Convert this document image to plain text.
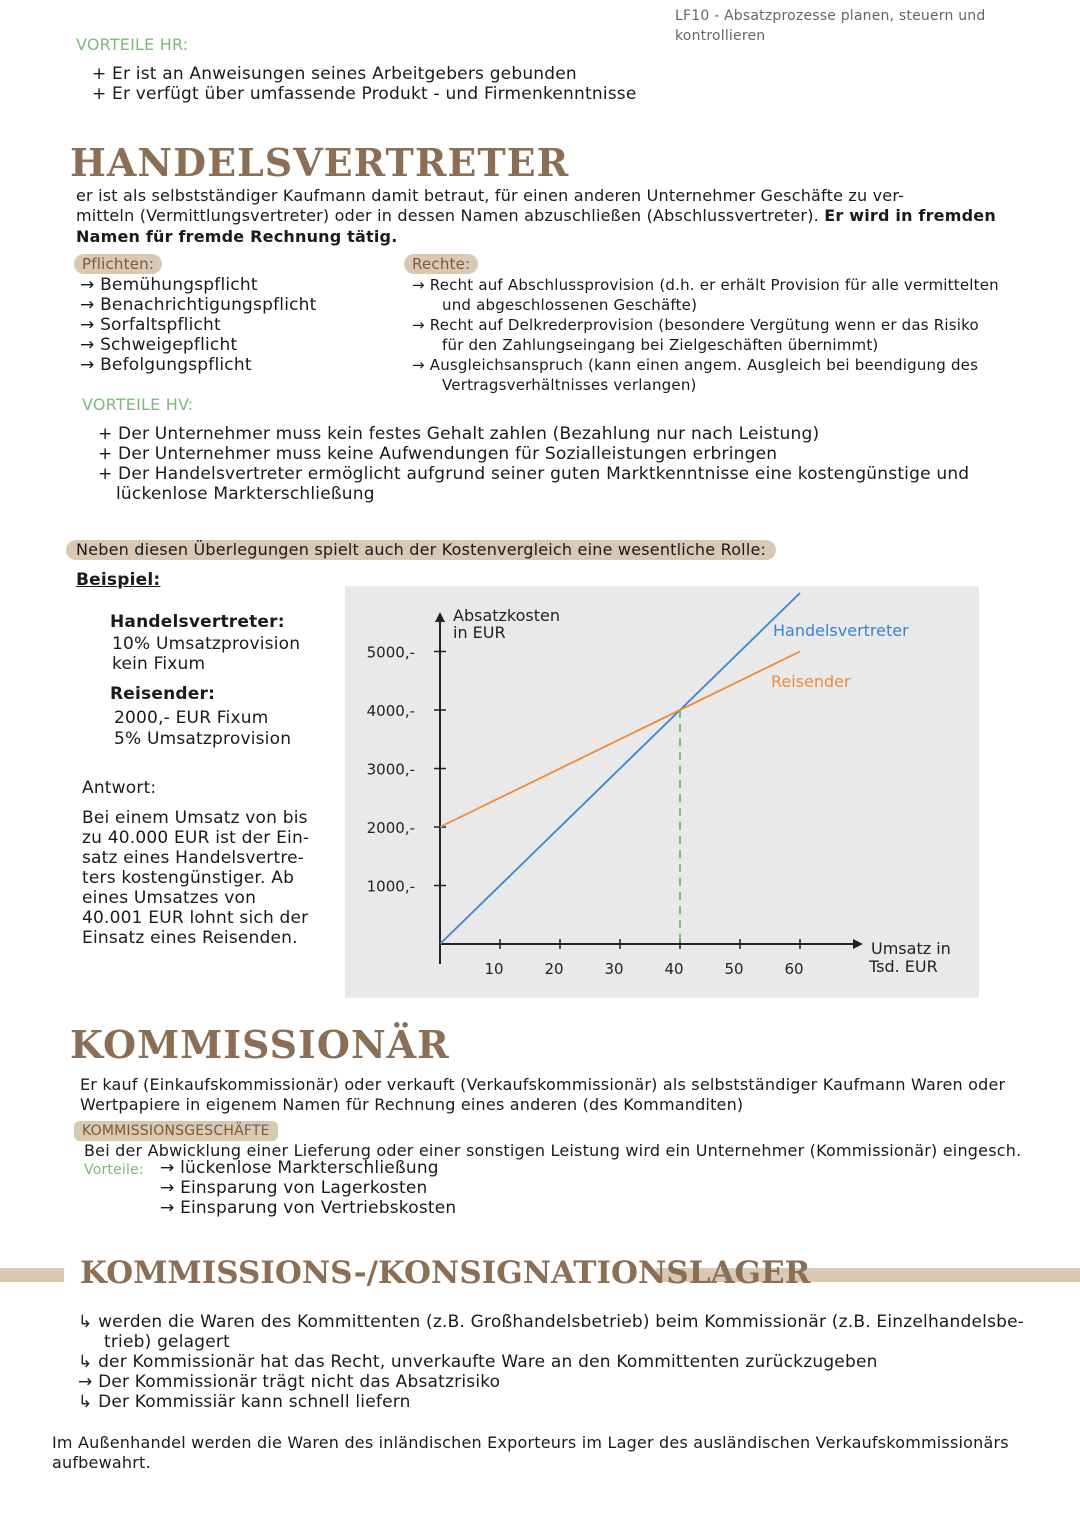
LF10 - Absatzprozesse planen, steuern und kontrollieren
VORTEILE HR:
+ Er ist an Anweisungen seines Arbeitgebers gebunden
+ Er verfügt über umfassende Produkt - und Firmenkenntnisse
HANDELSVERTRETER
er ist als selbstständiger Kaufmann damit betraut, für einen anderen Unternehmer Geschäfte zu ver-
mitteln (Vermittlungsvertreter) oder in dessen Namen abzuschließen (Abschlussvertreter). Er wird in fremden
Namen für fremde Rechnung tätig.
Pflichten:
→ Bemühungspflicht
→ Benachrichtigungspflicht
→ Sorfaltspflicht
→ Schweigepflicht
→ Befolgungspflicht
Rechte:
→ Recht auf Abschlussprovision (d.h. er erhält Provision für alle vermittelten
und abgeschlossenen Geschäfte)
→ Recht auf Delkrederprovision (besondere Vergütung wenn er das Risiko
für den Zahlungseingang bei Zielgeschäften übernimmt)
→ Ausgleichsanspruch (kann einen angem. Ausgleich bei beendigung des
Vertragsverhältnisses verlangen)
VORTEILE HV:
+ Der Unternehmer muss kein festes Gehalt zahlen (Bezahlung nur nach Leistung)
+ Der Unternehmer muss keine Aufwendungen für Sozialleistungen erbringen
+ Der Handelsvertreter ermöglicht aufgrund seiner guten Marktkenntnisse eine kostengünstige und
lückenlose Markterschließung
Neben diesen Überlegungen spielt auch der Kostenvergleich eine wesentliche Rolle:
Beispiel:
Handelsvertreter:
10% Umsatzprovision
kein Fixum
Reisender:
2000,- EUR Fixum
5% Umsatzprovision
Antwort:
Bei einem Umsatz von bis
zu 40.000 EUR ist der Ein-
satz eines Handelsvertre-
ters kostengünstiger. Ab
eines Umsatzes von
40.001 EUR lohnt sich der
Einsatz eines Reisenden.
1000,-
2000,-
3000,-
4000,-
5000,-
10	20	30	40	50	60
Handelsvertreter
Reisender
Absatzkosten
in EUR
Umsatz in
Tsd. EUR
KOMMISSIONÄR
Er kauf (Einkaufskommissionär) oder verkauft (Verkaufskommissionär) als selbstständiger Kaufmann Waren oder
Wertpapiere in eigenem Namen für Rechnung eines anderen (des Kommanditen)
KOMMISSIONSGESCHÄFTE
Bei der Abwicklung einer Lieferung oder einer sonstigen Leistung wird ein Unternehmer (Kommissionär) eingesch.
Vorteile: → lückenlose Markterschließung
→ Einsparung von Lagerkosten
→ Einsparung von Vertriebskosten
KOMMISSIONS-/KONSIGNATIONSLAGER
↳ werden die Waren des Kommittenten (z.B. Großhandelsbetrieb) beim Kommissionär (z.B. Einzelhandelsbe-
trieb) gelagert
↳ der Kommissionär hat das Recht, unverkaufte Ware an den Kommittenten zurückzugeben
→ Der Kommissionär trägt nicht das Absatzrisiko
↳ Der Kommissiär kann schnell liefern
Im Außenhandel werden die Waren des inländischen Exporteurs im Lager des ausländischen Verkaufskommissionärs
aufbewahrt.
